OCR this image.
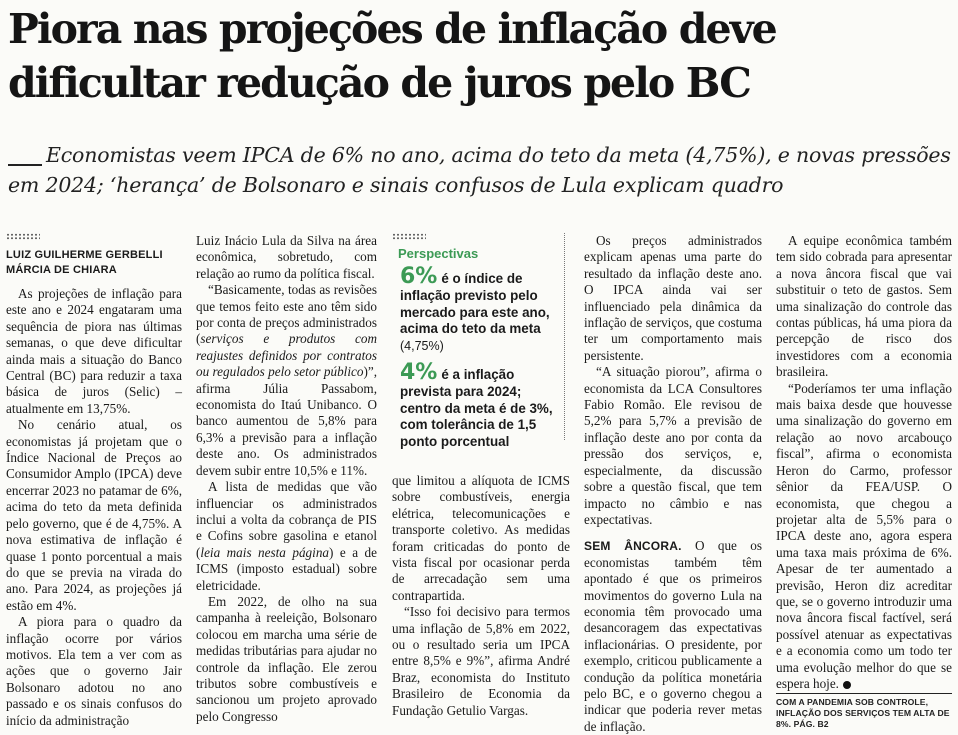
Piora nas projeções de inflação deve dificultar redução de juros pelo BC

Economistas veem IPCA de 6% no ano, acima do teto da meta (4,75%), e novas pressões em 2024; ‘herança’ de Bolsonaro e sinais confusos de Lula explicam quadro

LUIZ GUILHERME GERBELLI
MÁRCIA DE CHIARA

As projeções de inflação para este ano e 2024 engataram uma sequência de piora nas últimas semanas, o que deve dificultar ainda mais a situação do Banco Central (BC) para reduzir a taxa básica de juros (Selic) – atualmente em 13,75%.

No cenário atual, os economistas já projetam que o Índice Nacional de Preços ao Consumidor Amplo (IPCA) deve encerrar 2023 no patamar de 6%, acima do teto da meta definida pelo governo, que é de 4,75%. A nova estimativa de inflação é quase 1 ponto porcentual a mais do que se previa na virada do ano. Para 2024, as projeções já estão em 4%.

A piora para o quadro da inflação ocorre por vários motivos. Ela tem a ver com as ações que o governo Jair Bolsonaro adotou no ano passado e os sinais confusos do início da administração

Luiz Inácio Lula da Silva na área econômica, sobretudo, com relação ao rumo da política fiscal.

“Basicamente, todas as revisões que temos feito este ano têm sido por conta de preços administrados (serviços e produtos com reajustes definidos por contratos ou regulados pelo setor público)”, afirma Júlia Passabom, economista do Itaú Unibanco. O banco aumentou de 5,8% para 6,3% a previsão para a inflação deste ano. Os administrados devem subir entre 10,5% e 11%.

A lista de medidas que vão influenciar os administrados inclui a volta da cobrança de PIS e Cofins sobre gasolina e etanol (leia mais nesta página) e a de ICMS (imposto estadual) sobre eletricidade.

Em 2022, de olho na sua campanha à reeleição, Bolsonaro colocou em marcha uma série de medidas tributárias para ajudar no controle da inflação. Ele zerou tributos sobre combustíveis e sancionou um projeto aprovado pelo Congresso

Perspectivas

6% é o índice de inflação previsto pelo mercado para este ano, acima do teto da meta (4,75%)

4% é a inflação prevista para 2024; centro da meta é de 3%, com tolerância de 1,5 ponto porcentual

que limitou a alíquota de ICMS sobre combustíveis, energia elétrica, telecomunicações e transporte coletivo. As medidas foram criticadas do ponto de vista fiscal por ocasionar perda de arrecadação sem uma contrapartida.

“Isso foi decisivo para termos uma inflação de 5,8% em 2022, ou o resultado seria um IPCA entre 8,5% e 9%”, afirma André Braz, economista do Instituto Brasileiro de Economia da Fundação Getulio Vargas.

Os preços administrados explicam apenas uma parte do resultado da inflação deste ano. O IPCA ainda vai ser influenciado pela dinâmica da inflação de serviços, que costuma ter um comportamento mais persistente.

“A situação piorou”, afirma o economista da LCA Consultores Fabio Romão. Ele revisou de 5,2% para 5,7% a previsão de inflação deste ano por conta da pressão dos serviços, e, especialmente, da discussão sobre a questão fiscal, que tem impacto no câmbio e nas expectativas.

SEM ÂNCORA. O que os economistas também têm apontado é que os primeiros movimentos do governo Lula na economia têm provocado uma desancoragem das expectativas inflacionárias. O presidente, por exemplo, criticou publicamente a condução da política monetária pelo BC, e o governo chegou a indicar que poderia rever metas de inflação.

A equipe econômica também tem sido cobrada para apresentar a nova âncora fiscal que vai substituir o teto de gastos. Sem uma sinalização do controle das contas públicas, há uma piora da percepção de risco dos investidores com a economia brasileira.

“Poderíamos ter uma inflação mais baixa desde que houvesse uma sinalização do governo em relação ao novo arcabouço fiscal”, afirma o economista Heron do Carmo, professor sênior da FEA/USP. O economista, que chegou a projetar alta de 5,5% para o IPCA deste ano, agora espera uma taxa mais próxima de 6%. Apesar de ter aumentado a previsão, Heron diz acreditar que, se o governo introduzir uma nova âncora fiscal factível, será possível atenuar as expectativas e a economia como um todo ter uma evolução melhor do que se espera hoje.

COM A PANDEMIA SOB CONTROLE, INFLAÇÃO DOS SERVIÇOS TEM ALTA DE 8%. PÁG. B2
